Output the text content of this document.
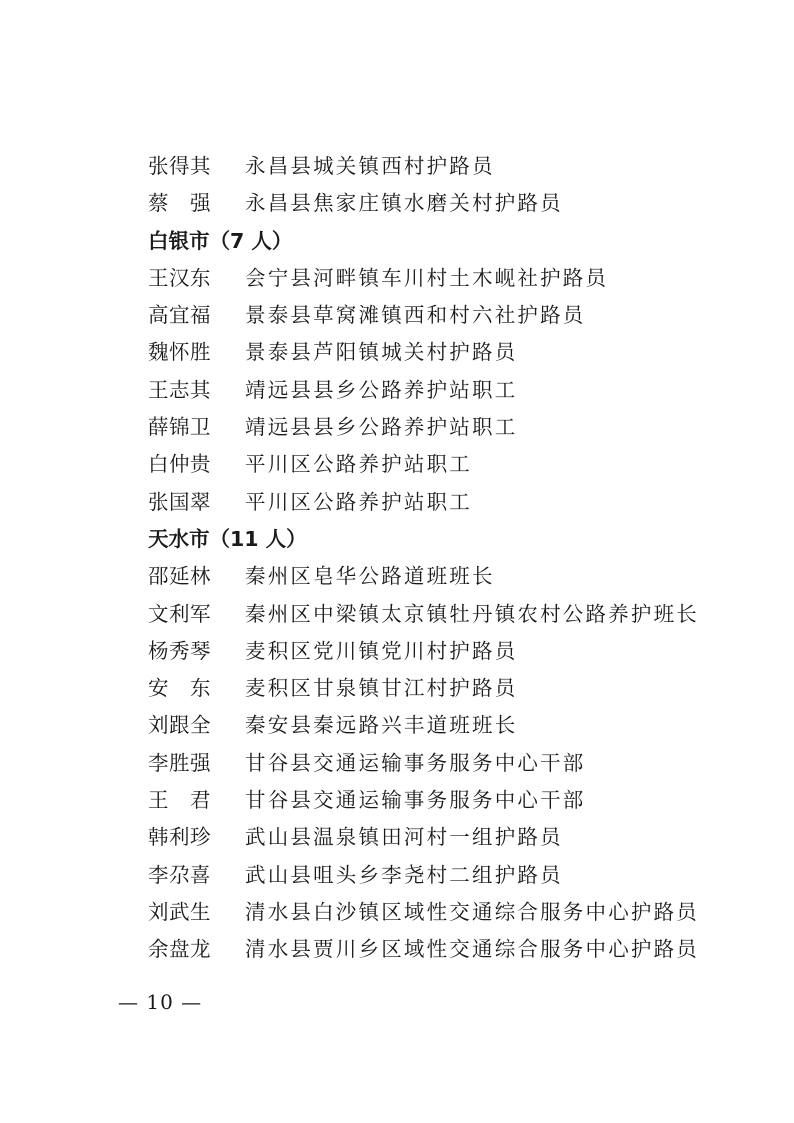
张得其	永昌县城关镇西村护路员
蔡　强	永昌县焦家庄镇水磨关村护路员
白银市（7 人）
王汉东	会宁县河畔镇车川村土木岘社护路员
高宜福	景泰县草窝滩镇西和村六社护路员
魏怀胜	景泰县芦阳镇城关村护路员
王志其	靖远县县乡公路养护站职工
薛锦卫	靖远县县乡公路养护站职工
白仲贵	平川区公路养护站职工
张国翠	平川区公路养护站职工
天水市（11 人）
邵延林	秦州区皂华公路道班班长
文利军	秦州区中梁镇太京镇牡丹镇农村公路养护班长
杨秀琴	麦积区党川镇党川村护路员
安　东	麦积区甘泉镇甘江村护路员
刘跟全	秦安县秦远路兴丰道班班长
李胜强	甘谷县交通运输事务服务中心干部
王　君	甘谷县交通运输事务服务中心干部
韩利珍	武山县温泉镇田河村一组护路员
李尕喜	武山县咀头乡李尧村二组护路员
刘武生	清水县白沙镇区域性交通综合服务中心护路员
余盘龙	清水县贾川乡区域性交通综合服务中心护路员
— 10 —
